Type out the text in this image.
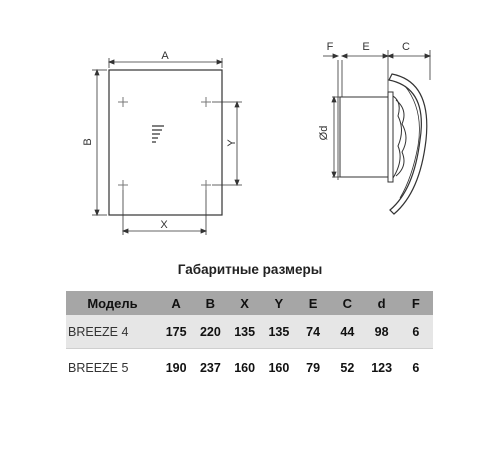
A
B	Y
X
F	E	C
Ød
Габаритные размеры
Модель	A	B	X	Y	E	C	d	F
BREEZE 4	175	220	135	135	74	44	98	6
BREEZE 5	190	237	160	160	79	52	123	6
